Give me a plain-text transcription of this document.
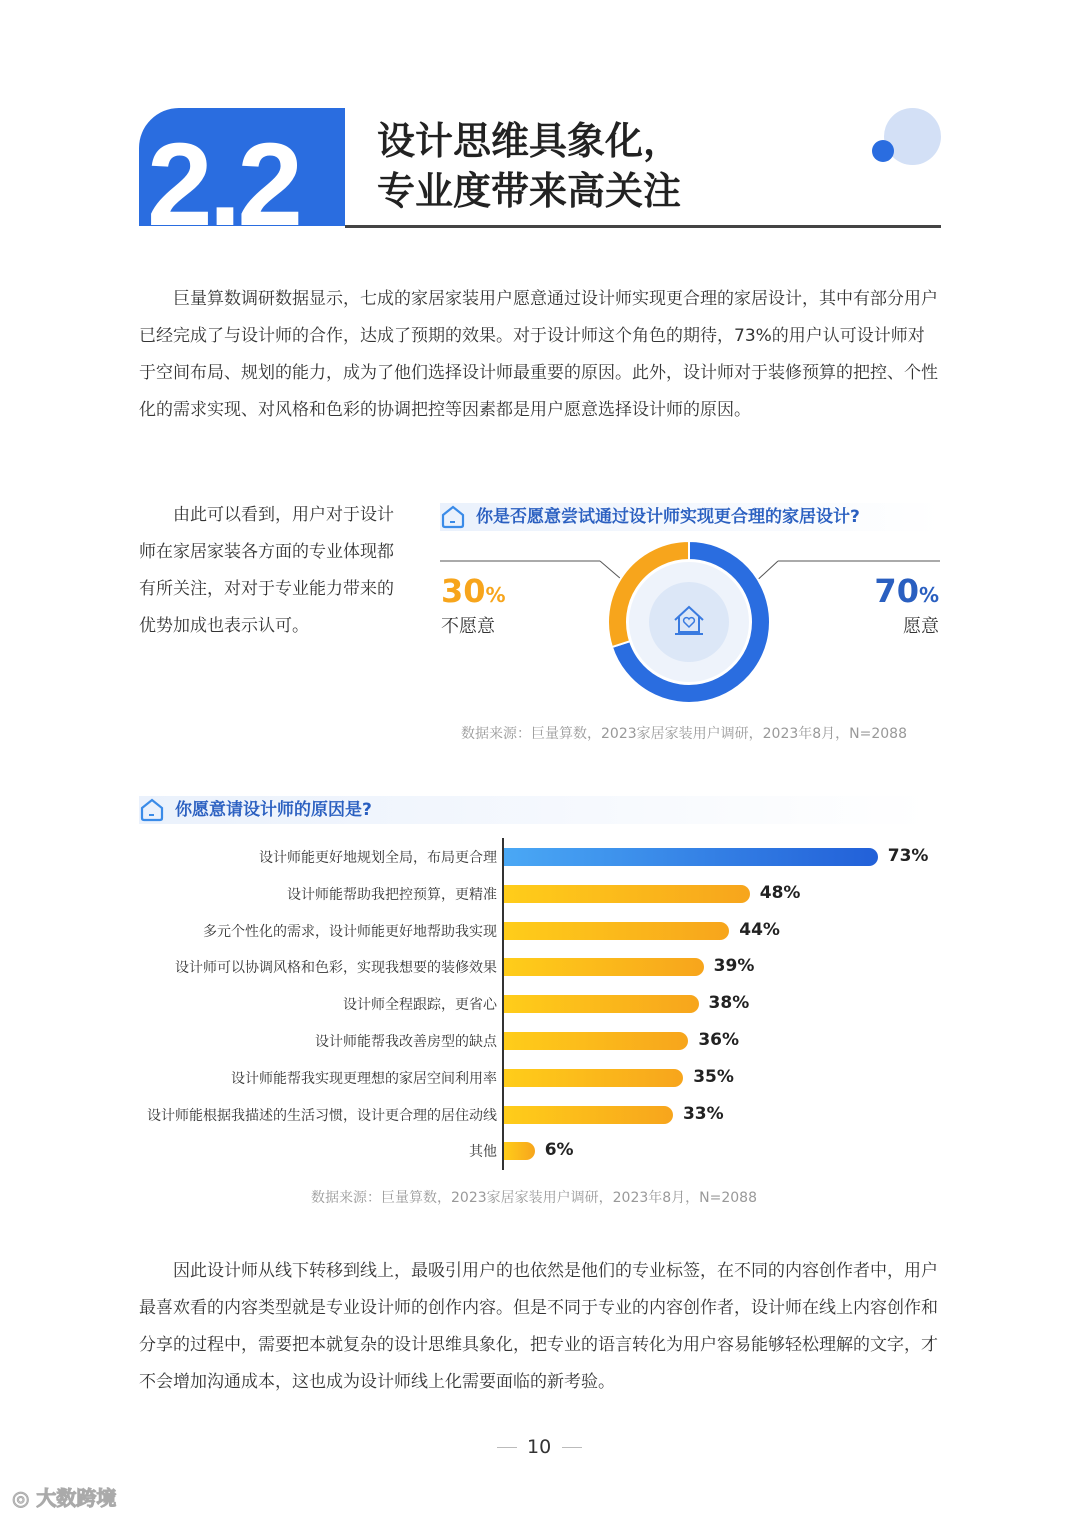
2.2 设计思维具象化，
专业度带来高关注
巨量算数调研数据显示，七成的家居家装用户愿意通过设计师实现更合理的家居设计，其中有部分用户已经完成了与设计师的合作，达成了预期的效果。对于设计师这个角色的期待，73%的用户认可设计师对于空间布局、规划的能力，成为了他们选择设计师最重要的原因。此外，设计师对于装修预算的把控、个性化的需求实现、对风格和色彩的协调把控等因素都是用户愿意选择设计师的原因。
由此可以看到，用户对于设计师在家居家装各方面的专业体现都有所关注，对对于专业能力带来的优势加成也表示认可。
你是否愿意尝试通过设计师实现更合理的家居设计?
30%
不愿意
70%
愿意
数据来源：巨量算数，2023家居家装用户调研，2023年8月，N=2088
你愿意请设计师的原因是?
设计师能更好地规划全局，布局更合理	73%
设计师能帮助我把控预算，更精准	48%
多元个性化的需求，设计师能更好地帮助我实现	44%
设计师可以协调风格和色彩，实现我想要的装修效果	39%
设计师全程跟踪，更省心	38%
设计师能帮我改善房型的缺点	36%
设计师能帮我实现更理想的家居空间利用率	35%
设计师能根据我描述的生活习惯，设计更合理的居住动线	33%
其他	6%
数据来源：巨量算数，2023家居家装用户调研，2023年8月，N=2088
因此设计师从线下转移到线上，最吸引用户的也依然是他们的专业标签，在不同的内容创作者中，用户最喜欢看的内容类型就是专业设计师的创作内容。但是不同于专业的内容创作者，设计师在线上内容创作和分享的过程中，需要把本就复杂的设计思维具象化，把专业的语言转化为用户容易能够轻松理解的文字，才不会增加沟通成本，这也成为设计师线上化需要面临的新考验。
10
◎ 大数跨境
